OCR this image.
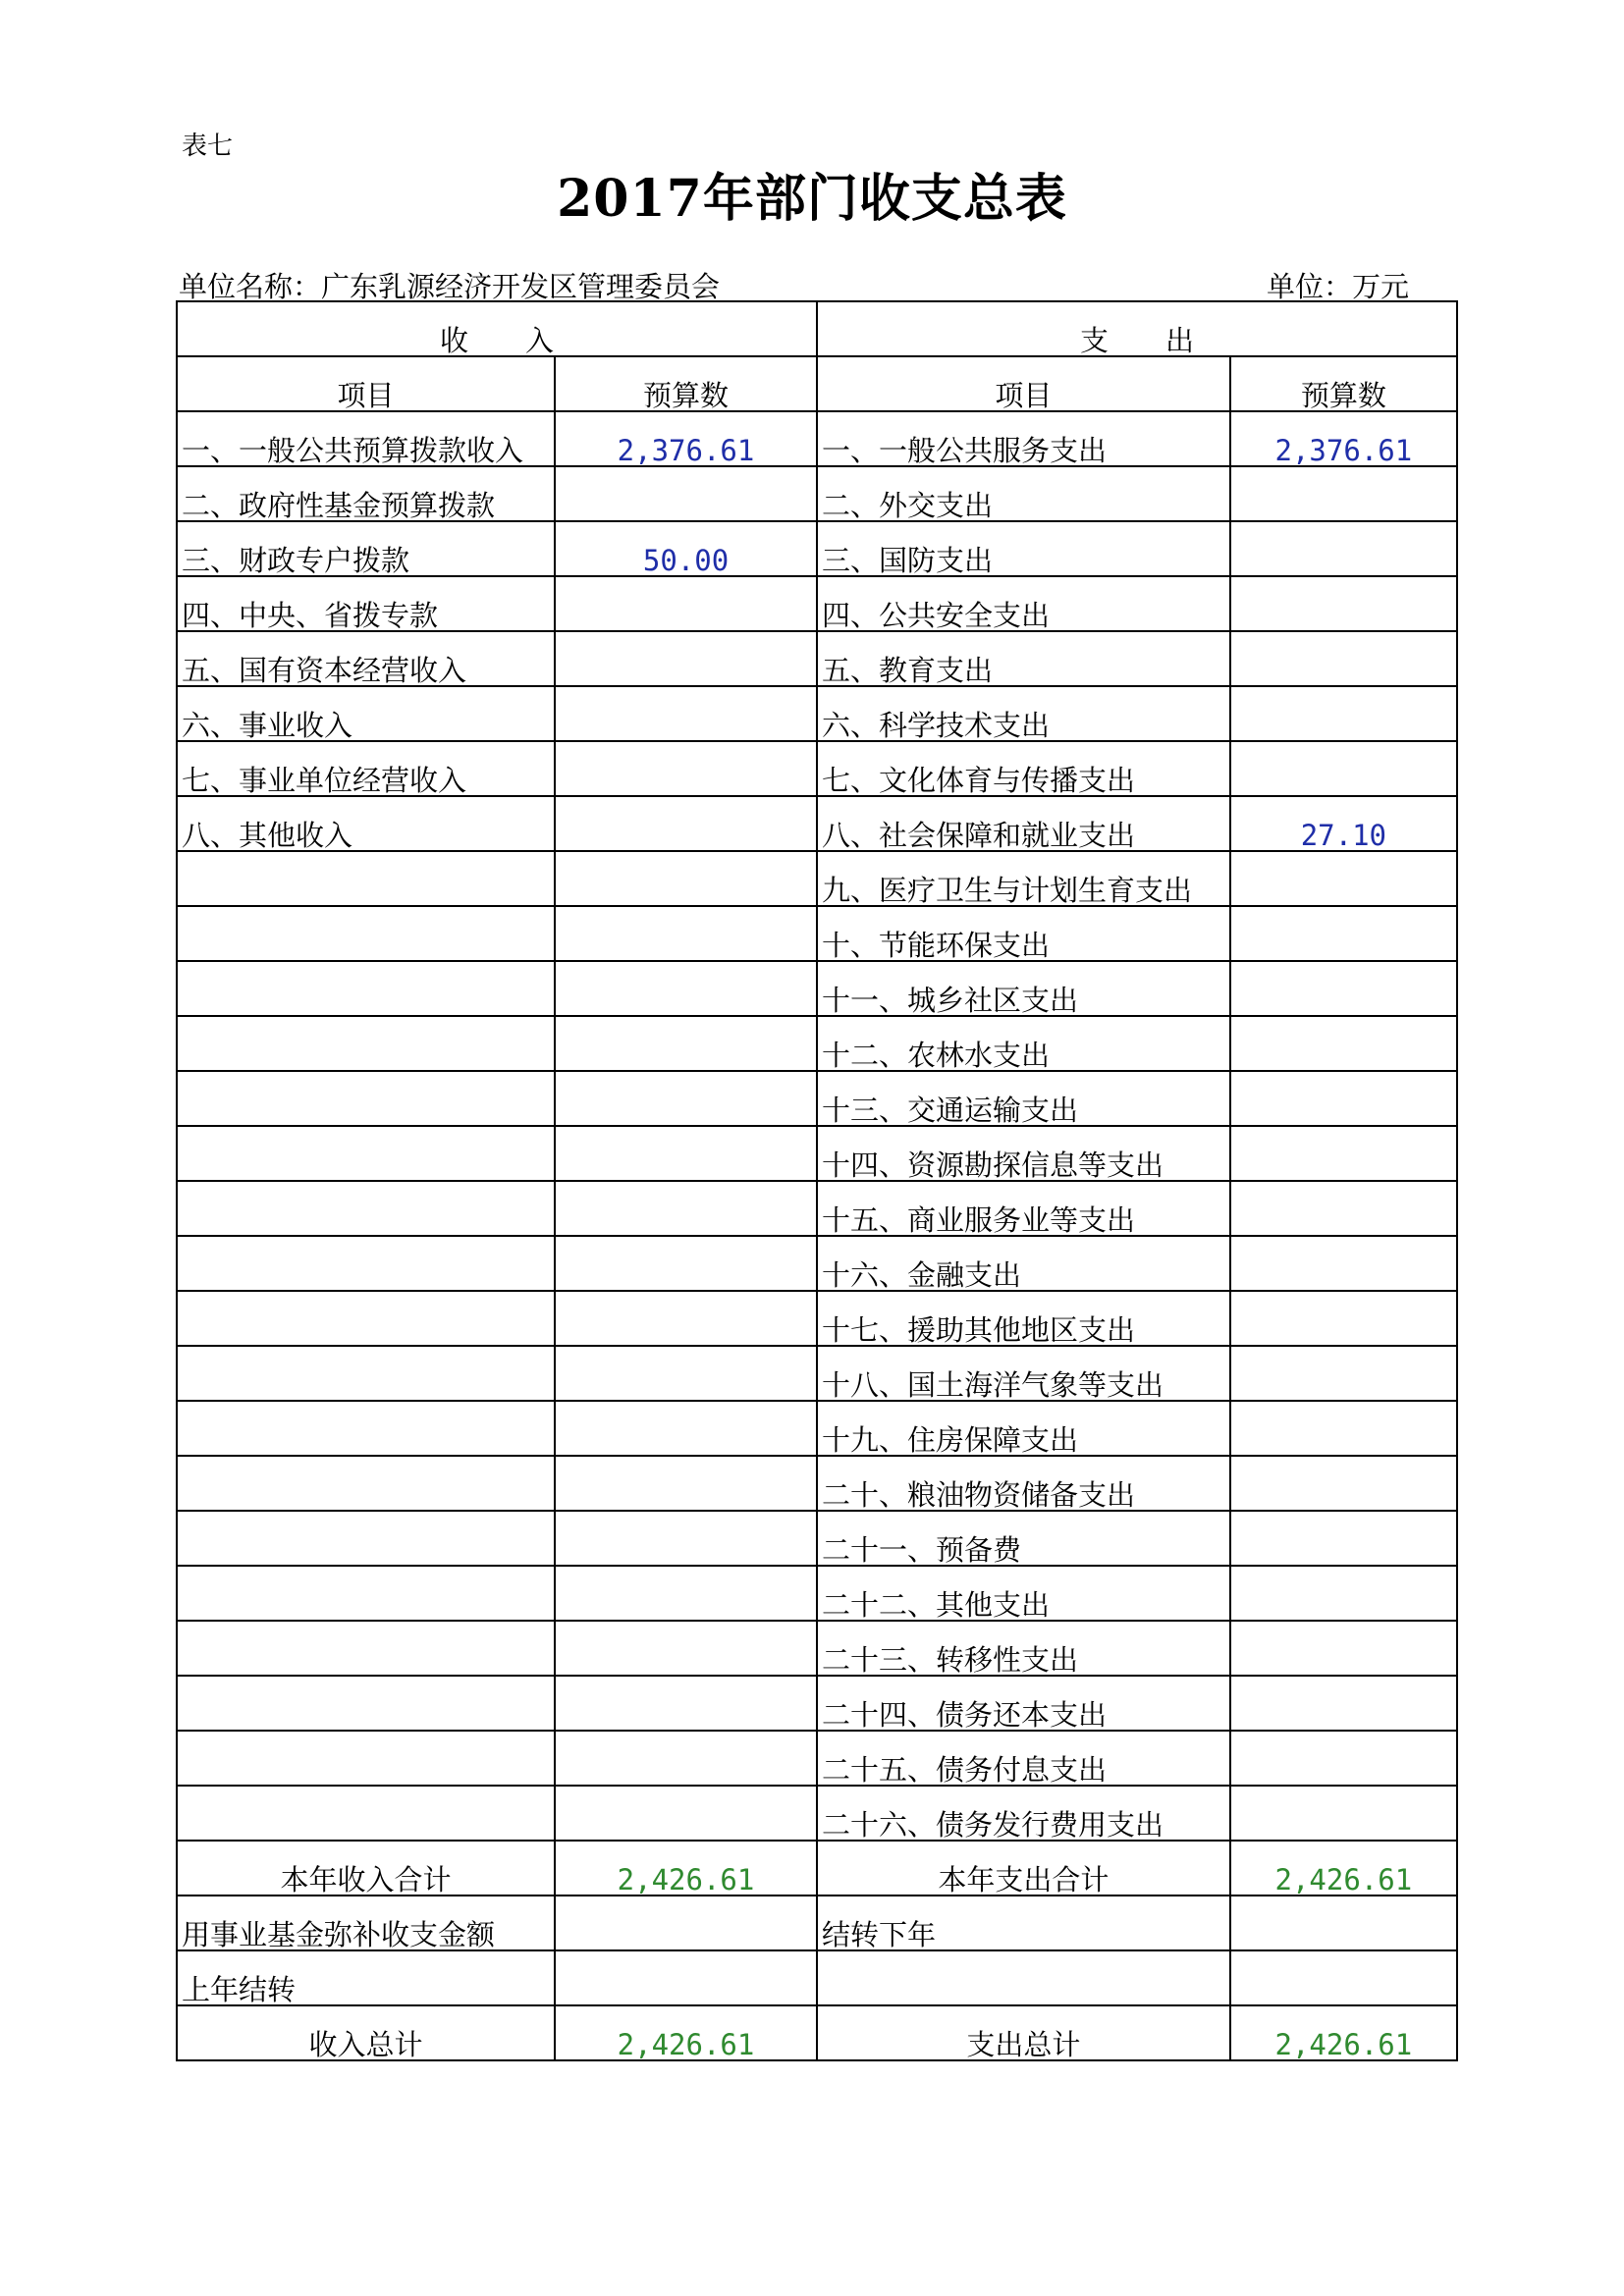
表七
2017年部门收支总表
单位名称：广东乳源经济开发区管理委员会	单位：万元
收　　入		支　　出	
项目	预算数	项目	预算数
一、一般公共预算拨款收入	2,376.61	一、一般公共服务支出	2,376.61
二、政府性基金预算拨款		二、外交支出	
三、财政专户拨款	50.00	三、国防支出	
四、中央、省拨专款		四、公共安全支出	
五、国有资本经营收入		五、教育支出	
六、事业收入		六、科学技术支出	
七、事业单位经营收入		七、文化体育与传播支出	
八、其他收入		八、社会保障和就业支出	27.10
		九、医疗卫生与计划生育支出	
		十、节能环保支出	
		十一、城乡社区支出	
		十二、农林水支出	
		十三、交通运输支出	
		十四、资源勘探信息等支出	
		十五、商业服务业等支出	
		十六、金融支出	
		十七、援助其他地区支出	
		十八、国土海洋气象等支出	
		十九、住房保障支出	
		二十、粮油物资储备支出	
		二十一、预备费	
		二十二、其他支出	
		二十三、转移性支出	
		二十四、债务还本支出	
		二十五、债务付息支出	
		二十六、债务发行费用支出	
本年收入合计	2,426.61	本年支出合计	2,426.61
用事业基金弥补收支金额		结转下年	
上年结转			
收入总计	2,426.61	支出总计	2,426.61
